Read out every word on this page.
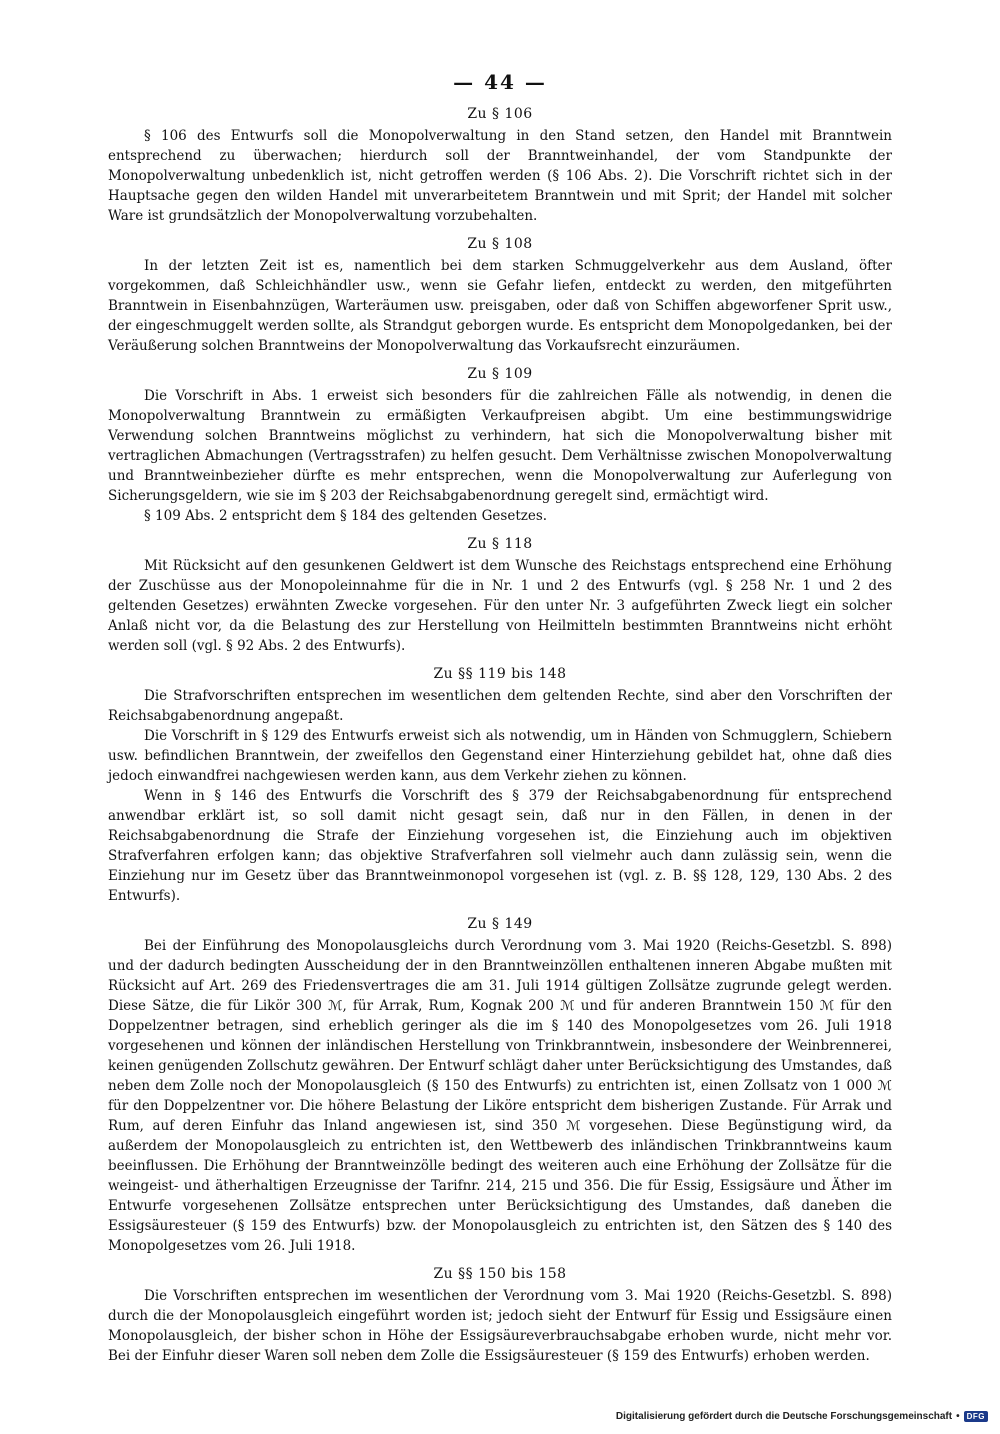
— 44 —

Zu § 106

§ 106 des Entwurfs soll die Monopolverwaltung in den Stand setzen, den Handel mit Branntwein entsprechend zu überwachen; hierdurch soll der Branntweinhandel, der vom Standpunkte der Monopolverwaltung unbedenklich ist, nicht getroffen werden (§ 106 Abs. 2). Die Vorschrift richtet sich in der Hauptsache gegen den wilden Handel mit unverarbeitetem Branntwein und mit Sprit; der Handel mit solcher Ware ist grundsätzlich der Monopolverwaltung vorzubehalten.

Zu § 108

In der letzten Zeit ist es, namentlich bei dem starken Schmuggelverkehr aus dem Ausland, öfter vorgekommen, daß Schleichhändler usw., wenn sie Gefahr liefen, entdeckt zu werden, den mitgeführten Branntwein in Eisenbahnzügen, Warteräumen usw. preisgaben, oder daß von Schiffen abgeworfener Sprit usw., der eingeschmuggelt werden sollte, als Strandgut geborgen wurde. Es entspricht dem Monopolgedanken, bei der Veräußerung solchen Branntweins der Monopolverwaltung das Vorkaufsrecht einzuräumen.

Zu § 109

Die Vorschrift in Abs. 1 erweist sich besonders für die zahlreichen Fälle als notwendig, in denen die Monopolverwaltung Branntwein zu ermäßigten Verkaufpreisen abgibt. Um eine bestimmungswidrige Verwendung solchen Branntweins möglichst zu verhindern, hat sich die Monopolverwaltung bisher mit vertraglichen Abmachungen (Vertragsstrafen) zu helfen gesucht. Dem Verhältnisse zwischen Monopolverwaltung und Branntweinbezieher dürfte es mehr entsprechen, wenn die Monopolverwaltung zur Auferlegung von Sicherungsgeldern, wie sie im § 203 der Reichsabgabenordnung geregelt sind, ermächtigt wird.

§ 109 Abs. 2 entspricht dem § 184 des geltenden Gesetzes.

Zu § 118

Mit Rücksicht auf den gesunkenen Geldwert ist dem Wunsche des Reichstags entsprechend eine Erhöhung der Zuschüsse aus der Monopoleinnahme für die in Nr. 1 und 2 des Entwurfs (vgl. § 258 Nr. 1 und 2 des geltenden Gesetzes) erwähnten Zwecke vorgesehen. Für den unter Nr. 3 aufgeführten Zweck liegt ein solcher Anlaß nicht vor, da die Belastung des zur Herstellung von Heilmitteln bestimmten Branntweins nicht erhöht werden soll (vgl. § 92 Abs. 2 des Entwurfs).

Zu §§ 119 bis 148

Die Strafvorschriften entsprechen im wesentlichen dem geltenden Rechte, sind aber den Vorschriften der Reichsabgabenordnung angepaßt.

Die Vorschrift in § 129 des Entwurfs erweist sich als notwendig, um in Händen von Schmugglern, Schiebern usw. befindlichen Branntwein, der zweifellos den Gegenstand einer Hinterziehung gebildet hat, ohne daß dies jedoch einwandfrei nachgewiesen werden kann, aus dem Verkehr ziehen zu können.

Wenn in § 146 des Entwurfs die Vorschrift des § 379 der Reichsabgabenordnung für entsprechend anwendbar erklärt ist, so soll damit nicht gesagt sein, daß nur in den Fällen, in denen in der Reichsabgabenordnung die Strafe der Einziehung vorgesehen ist, die Einziehung auch im objektiven Strafverfahren erfolgen kann; das objektive Strafverfahren soll vielmehr auch dann zulässig sein, wenn die Einziehung nur im Gesetz über das Branntweinmonopol vorgesehen ist (vgl. z. B. §§ 128, 129, 130 Abs. 2 des Entwurfs).

Zu § 149

Bei der Einführung des Monopolausgleichs durch Verordnung vom 3. Mai 1920 (Reichs-Gesetzbl. S. 898) und der dadurch bedingten Ausscheidung der in den Branntweinzöllen enthaltenen inneren Abgabe mußten mit Rücksicht auf Art. 269 des Friedensvertrages die am 31. Juli 1914 gültigen Zollsätze zugrunde gelegt werden. Diese Sätze, die für Likör 300 ℳ, für Arrak, Rum, Kognak 200 ℳ und für anderen Branntwein 150 ℳ für den Doppelzentner betragen, sind erheblich geringer als die im § 140 des Monopolgesetzes vom 26. Juli 1918 vorgesehenen und können der inländischen Herstellung von Trinkbranntwein, insbesondere der Weinbrennerei, keinen genügenden Zollschutz gewähren. Der Entwurf schlägt daher unter Berücksichtigung des Umstandes, daß neben dem Zolle noch der Monopolausgleich (§ 150 des Entwurfs) zu entrichten ist, einen Zollsatz von 1 000 ℳ für den Doppelzentner vor. Die höhere Belastung der Liköre entspricht dem bisherigen Zustande. Für Arrak und Rum, auf deren Einfuhr das Inland angewiesen ist, sind 350 ℳ vorgesehen. Diese Begünstigung wird, da außerdem der Monopolausgleich zu entrichten ist, den Wettbewerb des inländischen Trinkbranntweins kaum beeinflussen. Die Erhöhung der Branntweinzölle bedingt des weiteren auch eine Erhöhung der Zollsätze für die weingeist- und ätherhaltigen Erzeugnisse der Tarifnr. 214, 215 und 356. Die für Essig, Essigsäure und Äther im Entwurfe vorgesehenen Zollsätze entsprechen unter Berücksichtigung des Umstandes, daß daneben die Essigsäuresteuer (§ 159 des Entwurfs) bzw. der Monopolausgleich zu entrichten ist, den Sätzen des § 140 des Monopolgesetzes vom 26. Juli 1918.

Zu §§ 150 bis 158

Die Vorschriften entsprechen im wesentlichen der Verordnung vom 3. Mai 1920 (Reichs-Gesetzbl. S. 898) durch die der Monopolausgleich eingeführt worden ist; jedoch sieht der Entwurf für Essig und Essigsäure einen Monopolausgleich, der bisher schon in Höhe der Essigsäureverbrauchsabgabe erhoben wurde, nicht mehr vor. Bei der Einfuhr dieser Waren soll neben dem Zolle die Essigsäuresteuer (§ 159 des Entwurfs) erhoben werden.

Digitalisierung gefördert durch die Deutsche Forschungsgemeinschaft • DFG
